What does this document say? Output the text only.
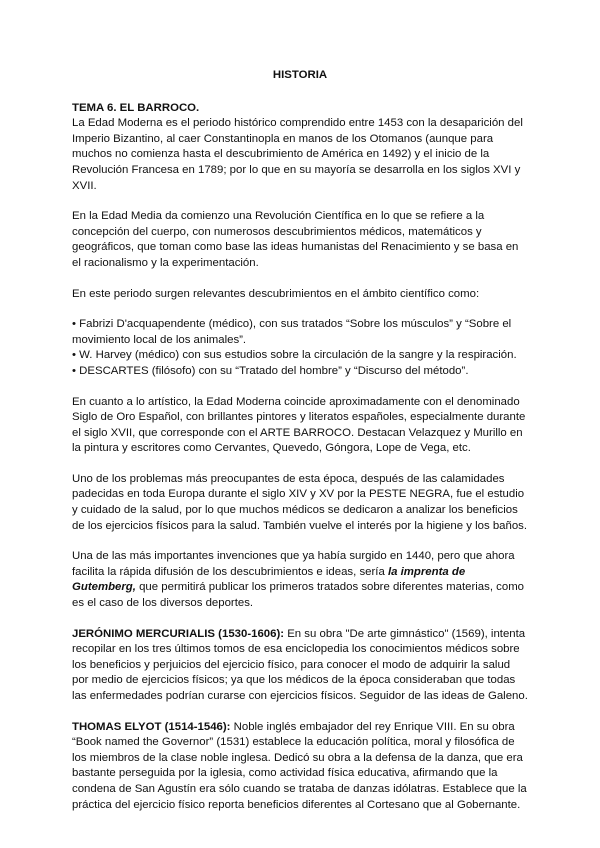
HISTORIA

TEMA 6. EL BARROCO.
La Edad Moderna es el periodo histórico comprendido entre 1453 con la desaparición del Imperio Bizantino, al caer Constantinopla en manos de los Otomanos (aunque para muchos no comienza hasta el descubrimiento de América en 1492) y el inicio de la Revolución Francesa en 1789; por lo que en su mayoría se desarrolla en los siglos XVI y XVII.

En la Edad Media da comienzo una Revolución Científica en lo que se refiere a la concepción del cuerpo, con numerosos descubrimientos médicos, matemáticos y geográficos, que toman como base las ideas humanistas del Renacimiento y se basa en el racionalismo y la experimentación.

En este periodo surgen relevantes descubrimientos en el ámbito científico como:

• Fabrizi D'acquapendente (médico), con sus tratados “Sobre los músculos” y “Sobre el movimiento local de los animales”.
• W. Harvey (médico) con sus estudios sobre la circulación de la sangre y la respiración.
• DESCARTES (filósofo) con su “Tratado del hombre” y “Discurso del método”.

En cuanto a lo artístico, la Edad Moderna coincide aproximadamente con el denominado Siglo de Oro Español, con brillantes pintores y literatos españoles, especialmente durante el siglo XVII, que corresponde con el ARTE BARROCO. Destacan Velazquez y Murillo en la pintura y escritores como Cervantes, Quevedo, Góngora, Lope de Vega, etc.

Uno de los problemas más preocupantes de esta época, después de las calamidades padecidas en toda Europa durante el siglo XIV y XV por la PESTE NEGRA, fue el estudio y cuidado de la salud, por lo que muchos médicos se dedicaron a analizar los beneficios de los ejercicios físicos para la salud. También vuelve el interés por la higiene y los baños.

Una de las más importantes invenciones que ya había surgido en 1440, pero que ahora facilita la rápida difusión de los descubrimientos e ideas, sería la imprenta de Gutemberg, que permitirá publicar los primeros tratados sobre diferentes materias, como es el caso de los diversos deportes.

JERÓNIMO MERCURIALIS (1530-1606): En su obra "De arte gimnástico" (1569), intenta recopilar en los tres últimos tomos de esa enciclopedia los conocimientos médicos sobre los beneficios y perjuicios del ejercicio físico, para conocer el modo de adquirir la salud por medio de ejercicios físicos; ya que los médicos de la época consideraban que todas las enfermedades podrían curarse con ejercicios físicos. Seguidor de las ideas de Galeno.

THOMAS ELYOT (1514-1546): Noble inglés embajador del rey Enrique VIII. En su obra “Book named the Governor” (1531) establece la educación política, moral y filosófica de los miembros de la clase noble inglesa. Dedicó su obra a la defensa de la danza, que era bastante perseguida por la iglesia, como actividad física educativa, afirmando que la condena de San Agustín era sólo cuando se trataba de danzas idólatras. Establece que la práctica del ejercicio físico reporta beneficios diferentes al Cortesano que al Gobernante.
